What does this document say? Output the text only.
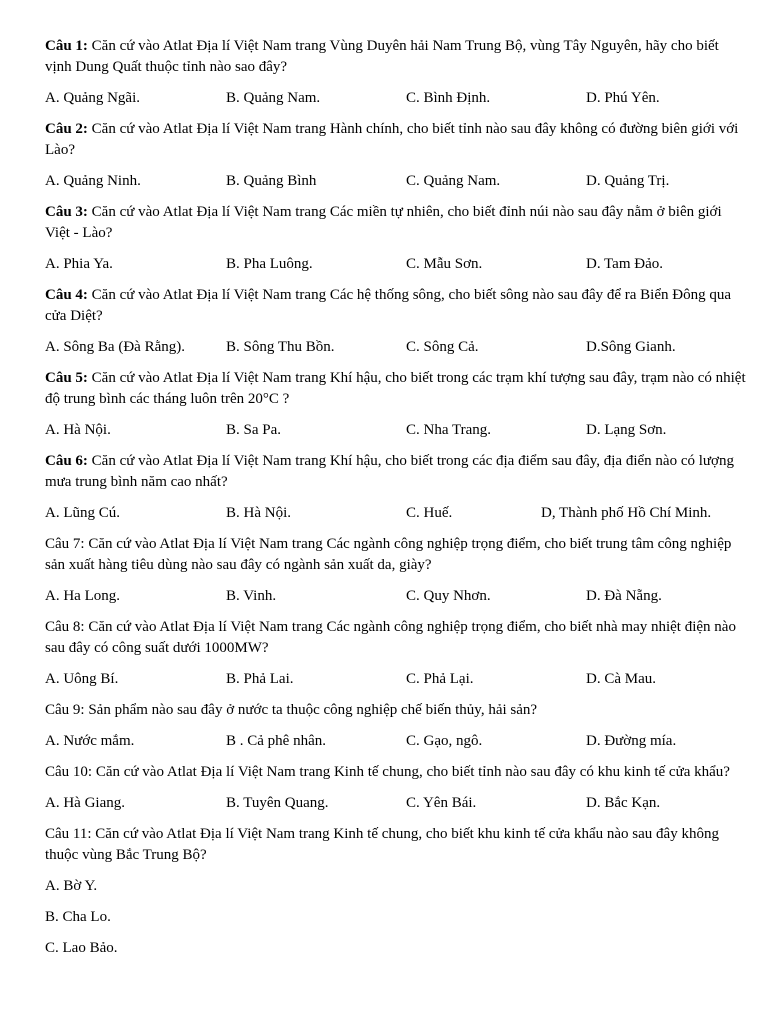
Câu 1: Căn cứ vào Atlat Địa lí Việt Nam trang Vùng Duyên hải Nam Trung Bộ, vùng Tây Nguyên, hãy cho biết vịnh Dung Quất thuộc tỉnh nào sao đây?

A. Quảng Ngãi.	B. Quảng Nam.	C. Bình Định.	D. Phú Yên.

Câu 2: Căn cứ vào Atlat Địa lí Việt Nam trang Hành chính, cho biết tỉnh nào sau đây không có đường biên giới với Lào?

A. Quảng Ninh.	B. Quảng Bình	C. Quảng Nam.	D. Quảng Trị.

Câu 3: Căn cứ vào Atlat Địa lí Việt Nam trang Các miền tự nhiên, cho biết đỉnh núi nào sau đây nằm ở biên giới Việt - Lào?

A. Phia Ya.	B. Pha Luông.	C. Mẫu Sơn.	D. Tam Đảo.

Câu 4: Căn cứ vào Atlat Địa lí Việt Nam trang Các hệ thống sông, cho biết sông nào sau đây để ra Biển Đông qua cửa Diệt?

A. Sông Ba (Đà Rằng).	B. Sông Thu Bồn.	C. Sông Cả.	D.Sông Gianh.

Câu 5: Căn cứ vào Atlat Địa lí Việt Nam trang Khí hậu, cho biết trong các trạm khí tượng sau đây, trạm nào có nhiệt độ trung bình các tháng luôn trên 20°C ?

A. Hà Nội.	B. Sa Pa.	C. Nha Trang.	D. Lạng Sơn.

Câu 6: Căn cứ vào Atlat Địa lí Việt Nam trang Khí hậu, cho biết trong các địa điểm sau đây, địa điển nào có lượng mưa trung bình năm cao nhất?

A. Lũng Cú.	B. Hà Nội.	C. Huế.	D, Thành phố Hồ Chí Minh.

Câu 7: Căn cứ vào Atlat Địa lí Việt Nam trang Các ngành công nghiệp trọng điểm, cho biết trung tâm công nghiệp sản xuất hàng tiêu dùng nào sau đây có ngành sản xuất da, giày?

A. Ha Long.	B. Vinh.	C. Quy Nhơn.	D. Đà Nẵng.

Câu 8: Căn cứ vào Atlat Địa lí Việt Nam trang Các ngành công nghiệp trọng điểm, cho biết nhà may nhiệt điện nào sau đây có công suất dưới 1000MW?

A. Uông Bí.	B. Phả Lai.	C. Phả Lại.	D. Cà Mau.

Câu 9: Sản phẩm nào sau đây ở nước ta thuộc công nghiệp chế biến thủy, hải sản?

A. Nước mắm.	B . Cả phê nhân.	C. Gạo, ngô.	D. Đường mía.

Câu 10: Căn cứ vào Atlat Địa lí Việt Nam trang Kinh tế chung, cho biết tỉnh nào sau đây có khu kinh tế cửa khẩu?

A. Hà Giang.	B. Tuyên Quang.	C. Yên Bái.	D. Bắc Kạn.

Câu 11: Căn cứ vào Atlat Địa lí Việt Nam trang Kinh tế chung, cho biết khu kinh tế cửa khẩu nào sau đây không thuộc vùng Bắc Trung Bộ?

A. Bờ Y.
B. Cha Lo.
C. Lao Bảo.
